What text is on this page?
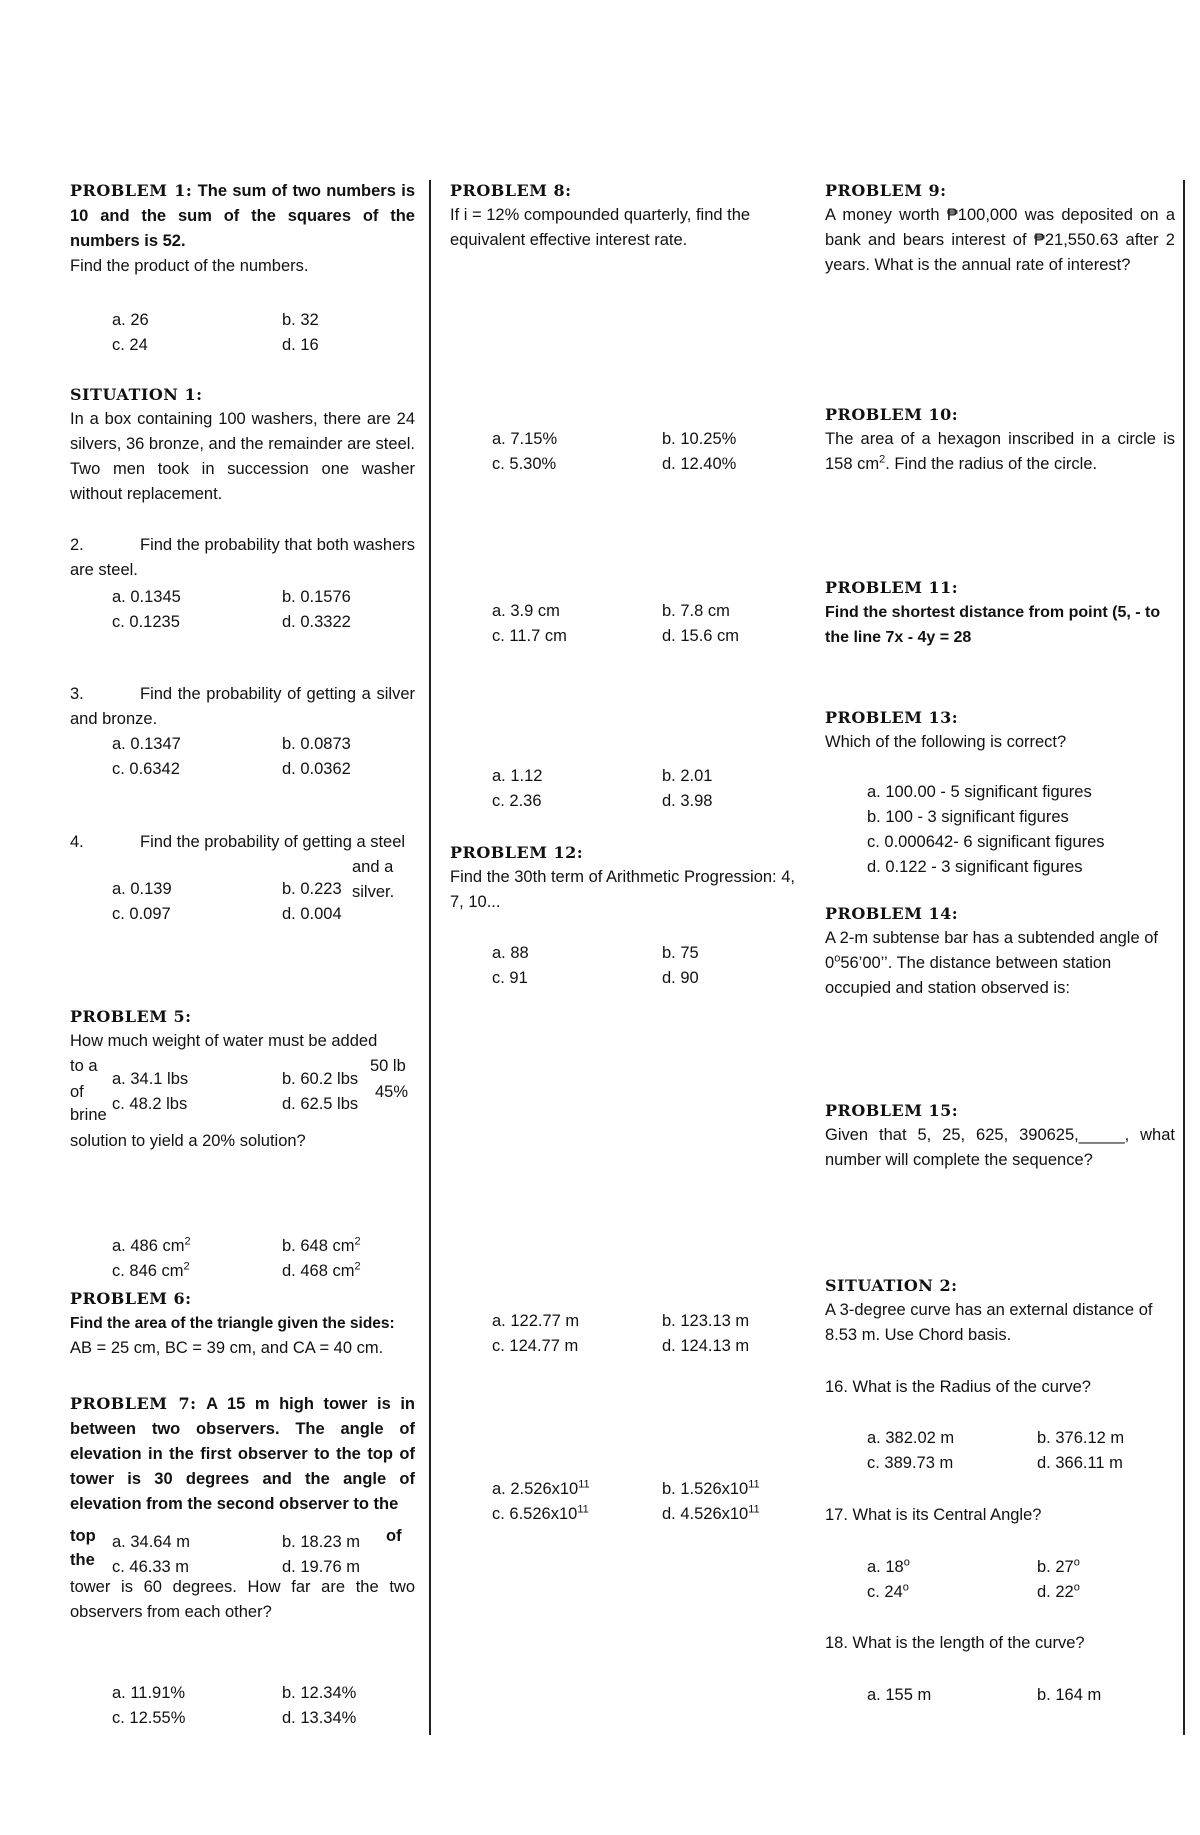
PROBLEM 1: The sum of two numbers is 10 and the sum of the squares of the numbers is 52.
Find the product of the numbers.
a. 26	b. 32
c. 24	d. 16
SITUATION 1:
In a box containing 100 washers, there are 24 silvers, 36 bronze, and the remainder are steel. Two men took in succession one washer without replacement.
2.	Find the probability that both washers are steel.
a. 0.1345	b. 0.1576
c. 0.1235	d. 0.3322
3.	Find the probability of getting a silver and bronze.
a. 0.1347	b. 0.0873
c. 0.6342	d. 0.0362
4.	Find the probability of getting a steel
and a
silver.
a. 0.139	b. 0.223
c. 0.097	d. 0.004
PROBLEM 5:
How much weight of water must be added
to a	50 lb
of	45%
brine
a. 34.1 lbs	b. 60.2 lbs
c. 48.2 lbs	d. 62.5 lbs
solution to yield a 20% solution?
a. 486 $cm^2$	b. 648 $cm^2$
c. 846 $cm^2$	d. 468 $cm^2$
PROBLEM 6:
Find the area of the triangle given the sides:
AB = 25 cm, BC = 39 cm, and CA = 40 cm.
PROBLEM 7: A 15 m high tower is in between two observers. The angle of elevation in the first observer to the top of tower is 30 degrees and the angle of elevation from the second observer to the
top	of
the
a. 34.64 m	b. 18.23 m
c. 46.33 m	d. 19.76 m
tower is 60 degrees. How far are the two observers from each other?
a. 11.91%	b. 12.34%
c. 12.55%	d. 13.34%
PROBLEM 8:
If i = 12% compounded quarterly, find the equivalent effective interest rate.
a. 7.15%	b. 10.25%
c. 5.30%	d. 12.40%
a. 3.9 cm	b. 7.8 cm
c. 11.7 cm	d. 15.6 cm
a. 1.12	b. 2.01
c. 2.36	d. 3.98
PROBLEM 12:
Find the 30th term of Arithmetic Progression: 4, 7, 10...
a. 88	b. 75
c. 91	d. 90
a. 122.77 m	b. 123.13 m
c. 124.77 m	d. 124.13 m
a. $2.526x10^{11}$	b. $1.526x10^{11}$
c. $6.526x10^{11}$	d. $4.526x10^{11}$
PROBLEM 9:
A money worth ₱100,000 was deposited on a bank and bears interest of ₱21,550.63 after 2 years. What is the annual rate of interest?
PROBLEM 10:
The area of a hexagon inscribed in a circle is 158 $cm^2$. Find the radius of the circle.
PROBLEM 11:
Find the shortest distance from point (5, - to the line 7x - 4y = 28
PROBLEM 13:
Which of the following is correct?
a. 100.00 - 5 significant figures
b. 100 - 3 significant figures
c. 0.000642- 6 significant figures
d. 0.122 - 3 significant figures
PROBLEM 14:
A 2-m subtense bar has a subtended angle of 0$^o$56’00’’. The distance between station occupied and station observed is:
PROBLEM 15:
Given that 5, 25, 625, 390625,_____, what number will complete the sequence?
SITUATION 2:
A 3-degree curve has an external distance of 8.53 m. Use Chord basis.
16. What is the Radius of the curve?
a. 382.02 m	b. 376.12 m
c. 389.73 m	d. 366.11 m
17. What is its Central Angle?
a. 18$^o$	b. 27$^o$
c. 24$^o$	d. 22$^o$
18. What is the length of the curve?
a. 155 m	b. 164 m
